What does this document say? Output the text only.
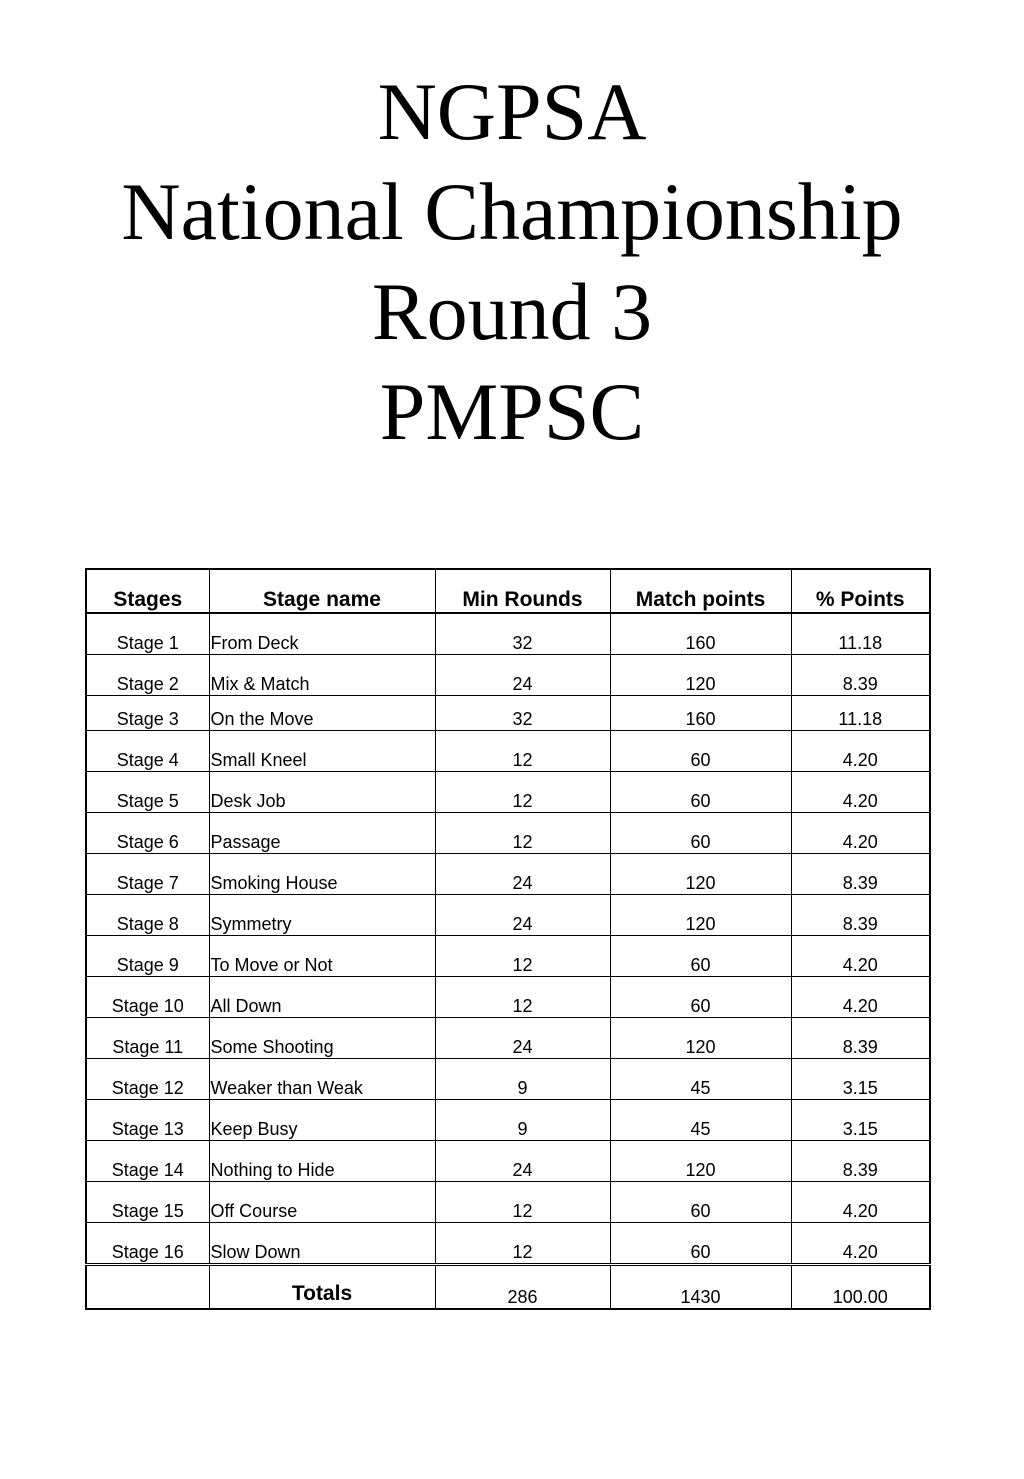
NGPSA
National Championship
Round 3
PMPSC
Stages	Stage name	Min Rounds	Match points	% Points
Stage 1	From Deck	32	160	11.18
Stage 2	Mix & Match	24	120	8.39
Stage 3	On the Move	32	160	11.18
Stage 4	Small Kneel	12	60	4.20
Stage 5	Desk Job	12	60	4.20
Stage 6	Passage	12	60	4.20
Stage 7	Smoking House	24	120	8.39
Stage 8	Symmetry	24	120	8.39
Stage 9	To Move or Not	12	60	4.20
Stage 10	All Down	12	60	4.20
Stage 11	Some Shooting	24	120	8.39
Stage 12	Weaker than Weak	9	45	3.15
Stage 13	Keep Busy	9	45	3.15
Stage 14	Nothing to Hide	24	120	8.39
Stage 15	Off Course	12	60	4.20
Stage 16	Slow Down	12	60	4.20
	Totals	286	1430	100.00
